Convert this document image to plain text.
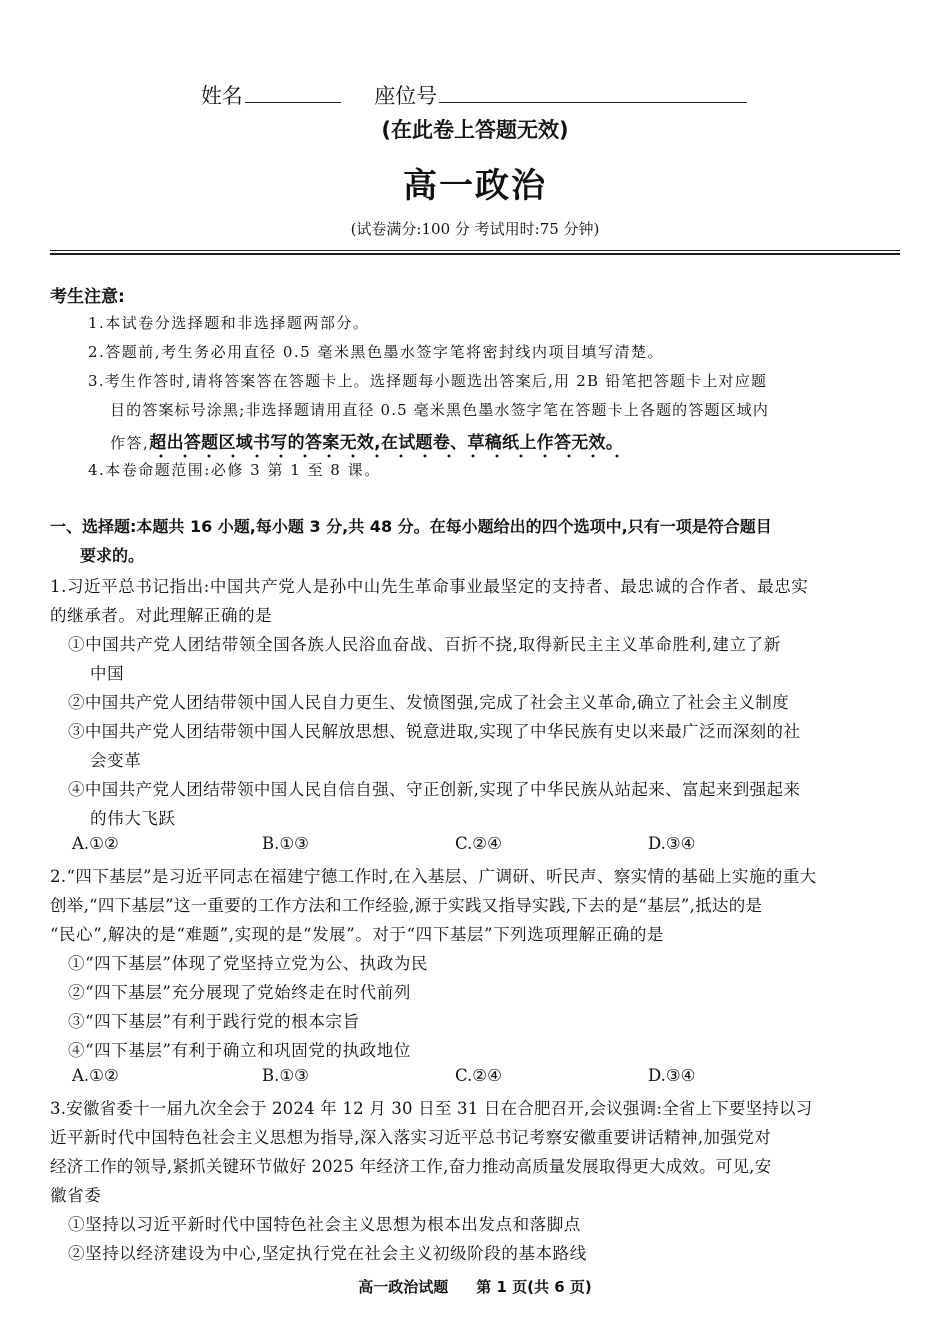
姓名	座位号
(在此卷上答题无效)
高一政治
(试卷满分:100 分 考试用时:75 分钟)
考生注意:
1.本试卷分选择题和非选择题两部分。
2.答题前,考生务必用直径 0.5 毫米黑色墨水签字笔将密封线内项目填写清楚。
3.考生作答时,请将答案答在答题卡上。选择题每小题选出答案后,用 2B 铅笔把答题卡上对应题
目的答案标号涂黑;非选择题请用直径 0.5 毫米黑色墨水签字笔在答题卡上各题的答题区域内
作答,超出答题区域书写的答案无效,在试题卷、草稿纸上作答无效。
4.本卷命题范围:必修 3 第 1 至 8 课。
一、选择题:本题共 16 小题,每小题 3 分,共 48 分。在每小题给出的四个选项中,只有一项是符合题目
要求的。
1.习近平总书记指出:中国共产党人是孙中山先生革命事业最坚定的支持者、最忠诚的合作者、最忠实
的继承者。对此理解正确的是
①中国共产党人团结带领全国各族人民浴血奋战、百折不挠,取得新民主主义革命胜利,建立了新
中国
②中国共产党人团结带领中国人民自力更生、发愤图强,完成了社会主义革命,确立了社会主义制度
③中国共产党人团结带领中国人民解放思想、锐意进取,实现了中华民族有史以来最广泛而深刻的社
会变革
④中国共产党人团结带领中国人民自信自强、守正创新,实现了中华民族从站起来、富起来到强起来
的伟大飞跃
A.①②	B.①③	C.②④	D.③④
2.“四下基层”是习近平同志在福建宁德工作时,在入基层、广调研、听民声、察实情的基础上实施的重大
创举,“四下基层”这一重要的工作方法和工作经验,源于实践又指导实践,下去的是“基层”,抵达的是
“民心”,解决的是“难题”,实现的是“发展”。对于“四下基层”下列选项理解正确的是
①“四下基层”体现了党坚持立党为公、执政为民
②“四下基层”充分展现了党始终走在时代前列
③“四下基层”有利于践行党的根本宗旨
④“四下基层”有利于确立和巩固党的执政地位
A.①②	B.①③	C.②④	D.③④
3.安徽省委十一届九次全会于 2024 年 12 月 30 日至 31 日在合肥召开,会议强调:全省上下要坚持以习
近平新时代中国特色社会主义思想为指导,深入落实习近平总书记考察安徽重要讲话精神,加强党对
经济工作的领导,紧抓关键环节做好 2025 年经济工作,奋力推动高质量发展取得更大成效。可见,安
徽省委
①坚持以习近平新时代中国特色社会主义思想为根本出发点和落脚点
②坚持以经济建设为中心,坚定执行党在社会主义初级阶段的基本路线
高一政治试题 第 1 页(共 6 页)
